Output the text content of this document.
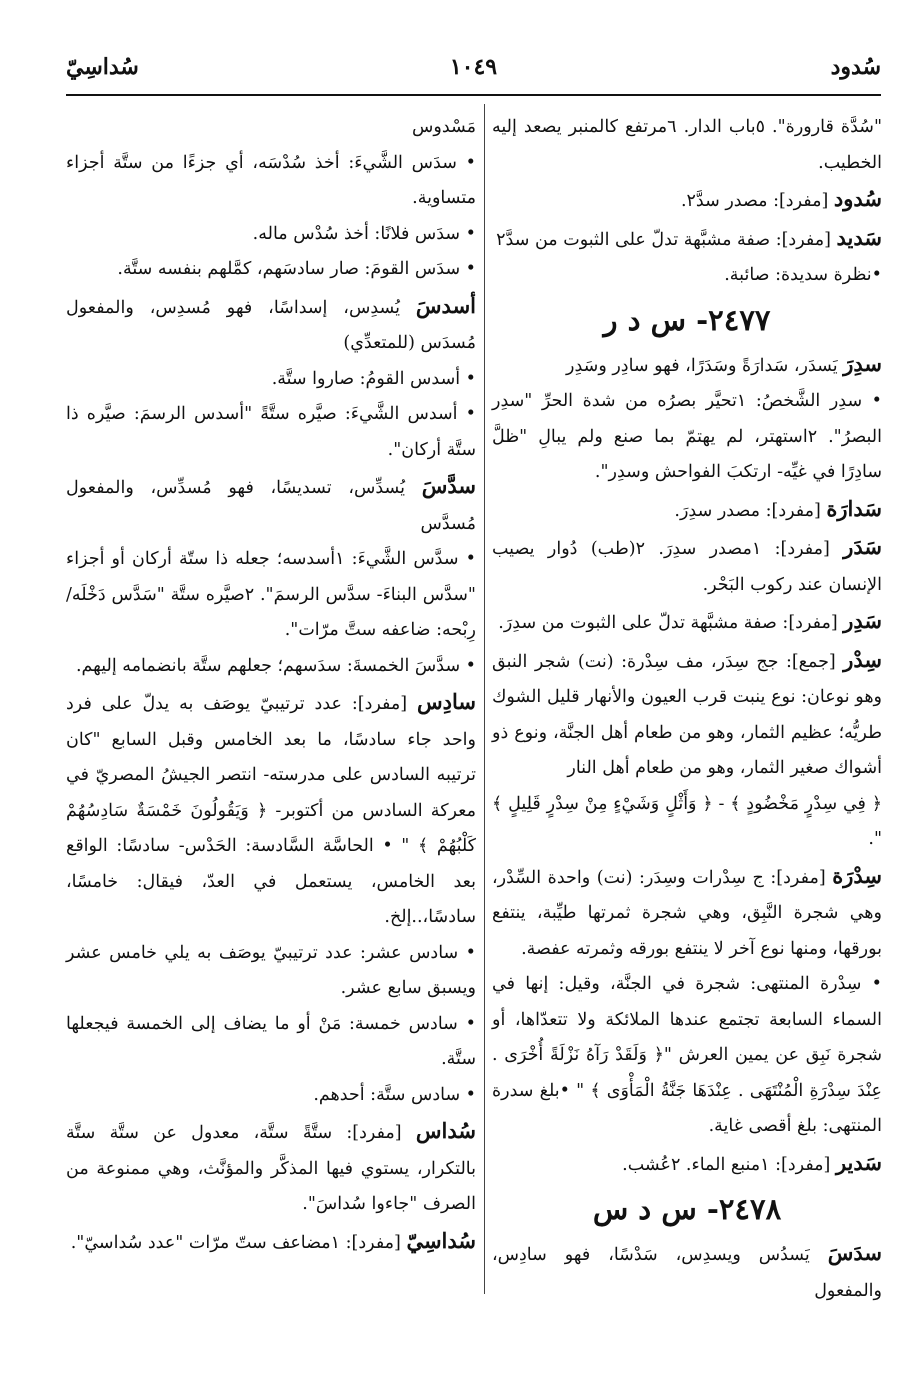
سُدود
١٠٤٩
سُداسِيّ

"سُدَّة قارورة". ٥باب الدار. ٦مرتفع كالمنبر يصعد إليه الخطيب.

سُدود [مفرد]: مصدر سدَّ٢.

سَديد [مفرد]: صفة مشبَّهة تدلّ على الثبوت من سدَّ٢

•نظرة سديدة: صائبة.

٢٤٧٧- س د ر

سدِرَ يَسدَر، سَدارَةً وسَدَرًا، فهو سادِر وسَدِر

• سدِر الشَّخصُ: ١تحيَّر بصرُه من شدة الحرِّ "سدِر البصرُ". ٢استهتر، لم يهتمّ بما صنع ولم يبالِ "ظلَّ سادِرًا في غيِّه- ارتكبَ الفواحش وسدِر".

سَدارَة [مفرد]: مصدر سدِرَ.

سَدَر [مفرد]: ١مصدر سدِرَ. ٢(طب) دُوار يصيب الإنسان عند ركوب البَحْر.

سَدِر [مفرد]: صفة مشبَّهة تدلّ على الثبوت من سدِرَ.

سِدْر [جمع]: جج سِدَر، مف سِدْرة: (نت) شجر النبق وهو نوعان: نوع ينبت قرب العيون والأنهار قليل الشوك طريُّه؛ عظيم الثمار، وهو من طعام أهل الجنَّة، ونوع ذو أشواك صغير الثمار، وهو من طعام أهل النار

﴿ فِي سِدْرٍ مَخْضُودٍ ﴾ - ﴿ وَأَثْلٍ وَشَيْءٍ مِنْ سِدْرٍ قَلِيلٍ ﴾ ".

سِدْرَة [مفرد]: ج سِدْرات وسِدَر: (نت) واحدة السِّدْر، وهي شجرة النَّبِق، وهي شجرة ثمرتها طيِّبة، ينتفع بورقها، ومنها نوع آخر لا ينتفع بورقه وثمرته عفصة.

• سِدْرة المنتهى: شجرة في الجنَّة، وقيل: إنها في السماء السابعة تجتمع عندها الملائكة ولا تتعدّاها، أو شجرة نَبِق عن يمين العرش "﴿ وَلَقَدْ رَآهُ نَزْلَةً أُخْرَى . عِنْدَ سِدْرَةِ الْمُنْتَهَى . عِنْدَهَا جَنَّةُ الْمَأْوَى ﴾ " •بلغ سدرة المنتهى: بلغ أقصى غاية.

سَدير [مفرد]: ١منبع الماء. ٢عُشب.

٢٤٧٨- س د س

سدَسَ يَسدُس ويسدِس، سَدْسًا، فهو سادِس، والمفعول

مَسْدوس

• سدَس الشَّيءَ: أخذ سُدْسَه، أي جزءًا من ستَّة أجزاء متساوية.

• سدَس فلانًا: أخذ سُدْس ماله.

• سدَس القومَ: صار سادسَهم، كمَّلهم بنفسه ستَّة.

أسدسَ يُسدِس، إسداسًا، فهو مُسدِس، والمفعول مُسدَس (للمتعدِّي)

• أسدس القومُ: صاروا ستَّة.

• أسدس الشَّيءَ: صيَّره ستَّةً "أسدس الرسمَ: صيَّره ذا ستَّة أركان".

سدَّسَ يُسدِّس، تسديسًا، فهو مُسدِّس، والمفعول مُسدَّس

• سدَّس الشَّيءَ: ١أسدسه؛ جعله ذا ستّة أركان أو أجزاء "سدَّس البناءَ- سدَّس الرسمَ". ٢صيَّره ستَّة "سَدَّس دَخْلَه/ رِبْحه: ضاعفه ستَّ مرّات".

• سدَّسَ الخمسةَ: سدَسهم؛ جعلهم ستَّة بانضمامه إليهم.

سادِس [مفرد]: عدد ترتيبيّ يوصَف به يدلّ على فرد واحد جاء سادسًا، ما بعد الخامس وقبل السابع "كان ترتيبه السادس على مدرسته- انتصر الجيشُ المصريّ في معركة السادس من أكتوبر- ﴿ وَيَقُولُونَ خَمْسَةٌ سَادِسُهُمْ كَلْبُهُمْ ﴾ " • الحاسَّة السَّادسة: الحَدْس- سادسًا: الواقع بعد الخامس، يستعمل في العدّ، فيقال: خامسًا، سادسًا،..إلخ.

• سادس عشر: عدد ترتيبيّ يوصَف به يلي خامس عشر ويسبق سابع عشر.

• سادس خمسة: مَنْ أو ما يضاف إلى الخمسة فيجعلها ستَّة.

• سادس ستَّة: أحدهم.

سُداس [مفرد]: ستَّةً ستَّة، معدول عن ستَّة ستَّة بالتكرار، يستوي فيها المذكَّر والمؤنَّث، وهي ممنوعة من الصرف "جاءوا سُداسَ".

سُداسِيّ [مفرد]: ١مضاعف ستّ مرّات "عدد سُداسيّ".
